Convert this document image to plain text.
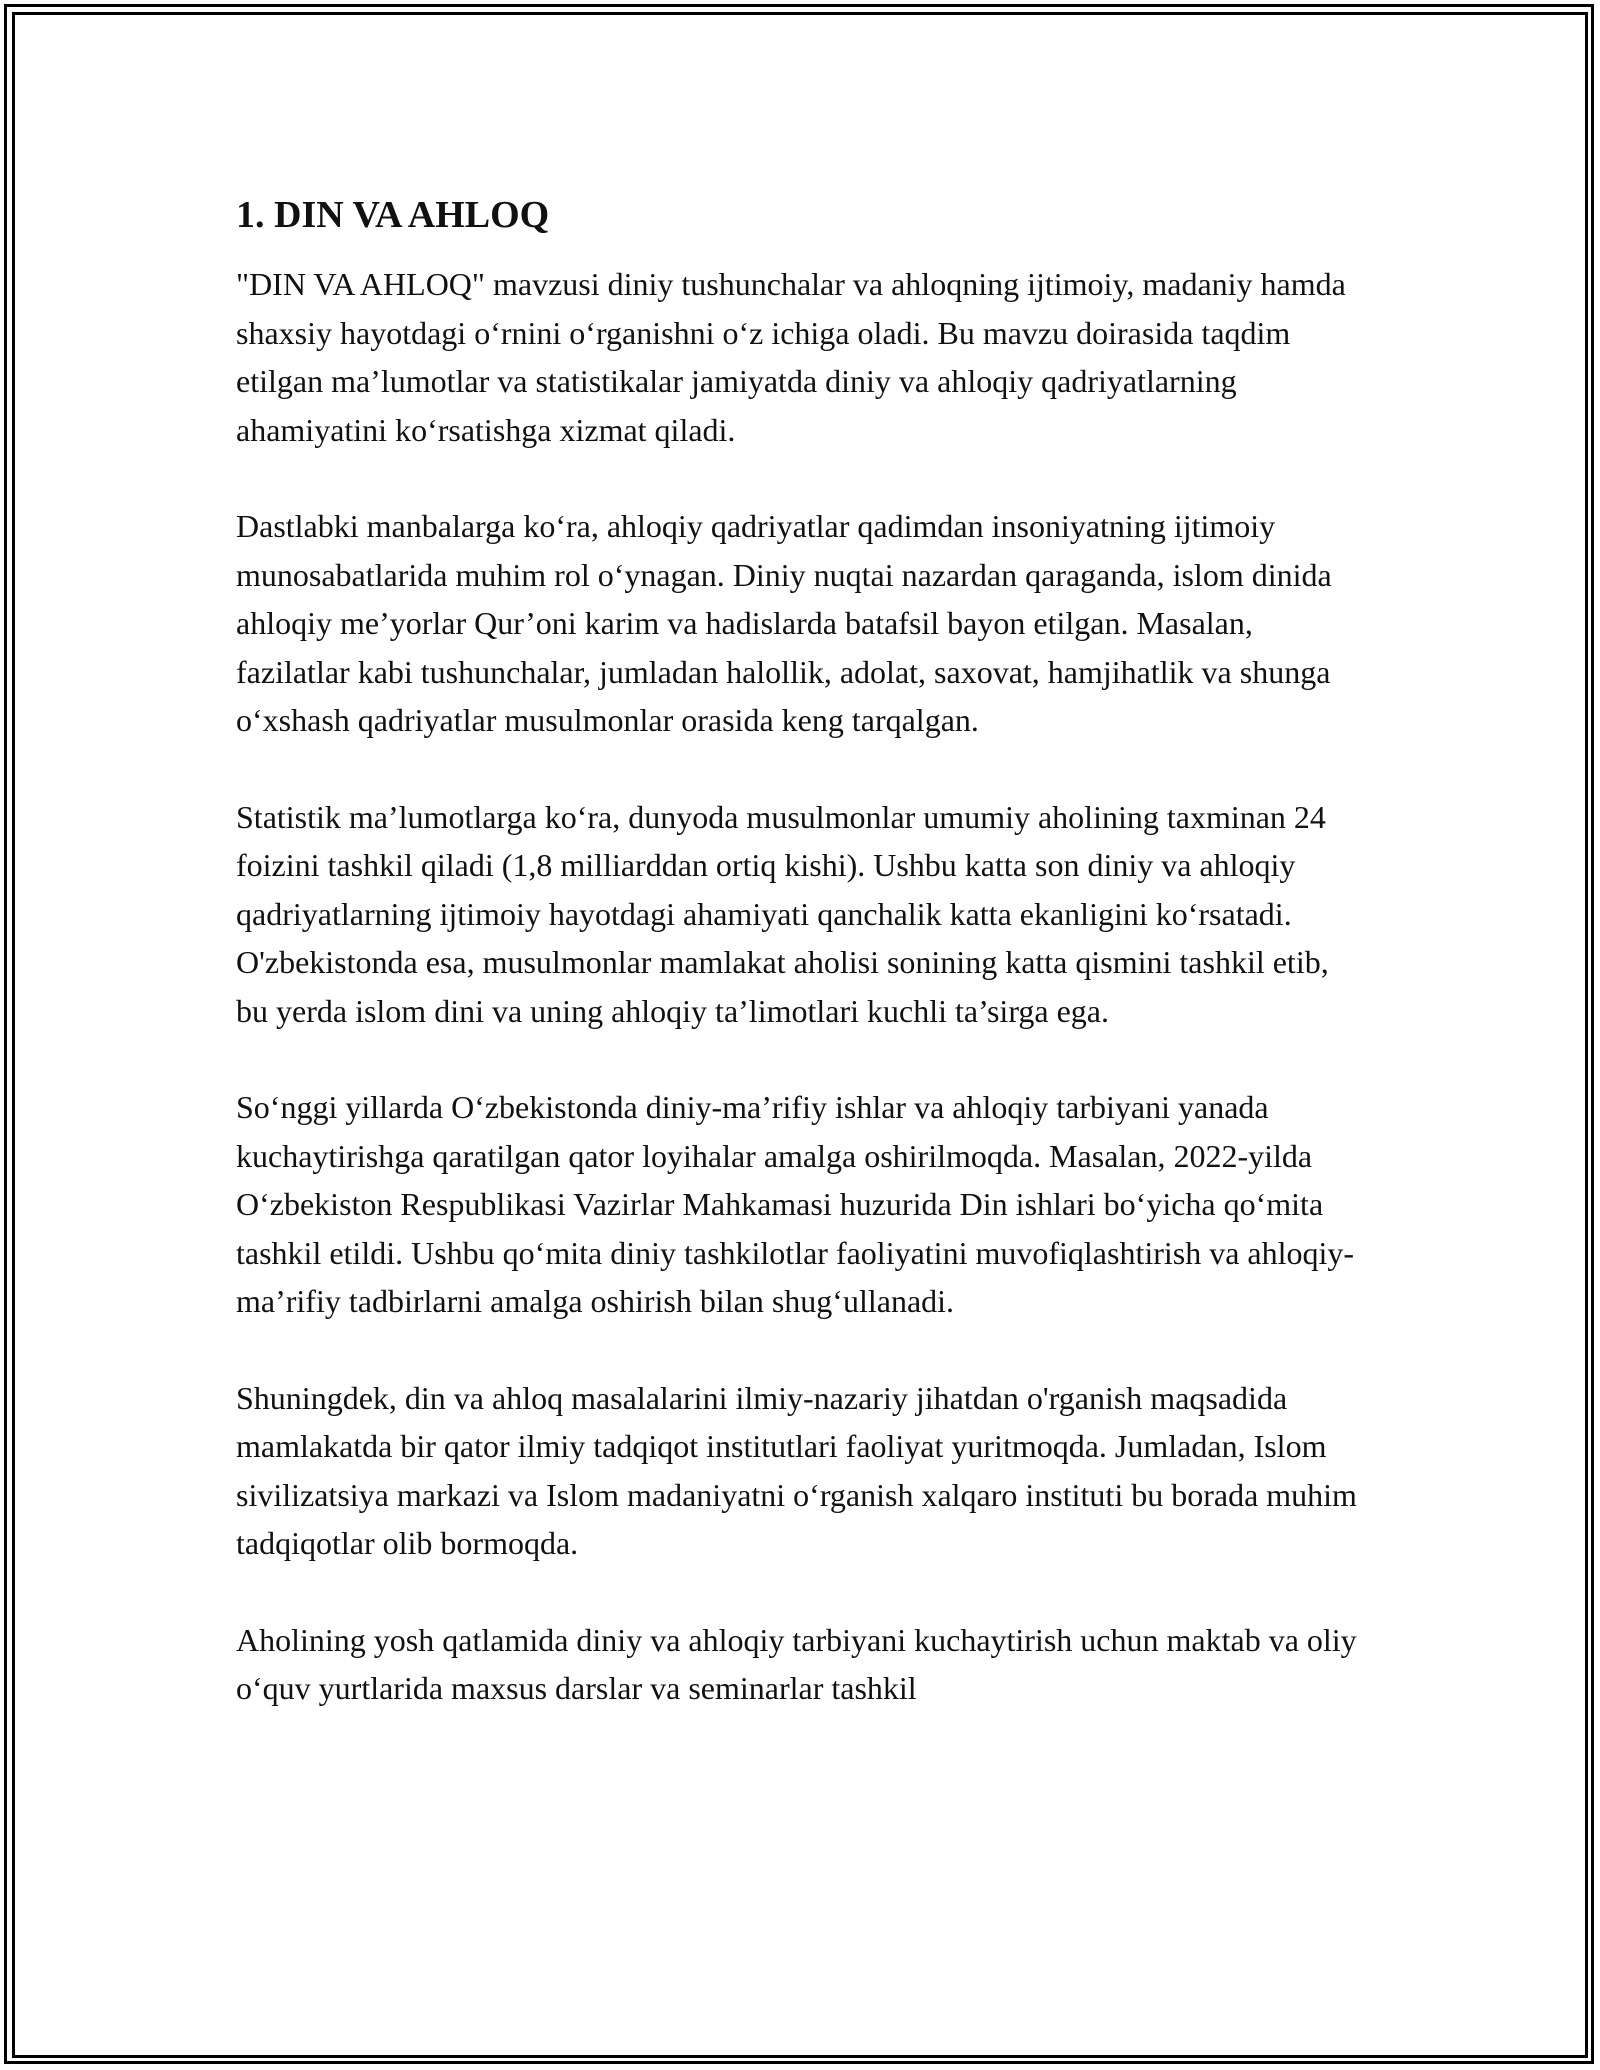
1. DIN VA AHLOQ

"DIN VA AHLOQ" mavzusi diniy tushunchalar va ahloqning ijtimoiy, madaniy hamda shaxsiy hayotdagi o‘rnini o‘rganishni o‘z ichiga oladi. Bu mavzu doirasida taqdim etilgan ma’lumotlar va statistikalar jamiyatda diniy va ahloqiy qadriyatlarning ahamiyatini ko‘rsatishga xizmat qiladi.

Dastlabki manbalarga ko‘ra, ahloqiy qadriyatlar qadimdan insoniyatning ijtimoiy munosabatlarida muhim rol o‘ynagan. Diniy nuqtai nazardan qaraganda, islom dinida ahloqiy me’yorlar Qur’oni karim va hadislarda batafsil bayon etilgan. Masalan, fazilatlar kabi tushunchalar, jumladan halollik, adolat, saxovat, hamjihatlik va shunga o‘xshash qadriyatlar musulmonlar orasida keng tarqalgan.

Statistik ma’lumotlarga ko‘ra, dunyoda musulmonlar umumiy aholining taxminan 24 foizini tashkil qiladi (1,8 milliarddan ortiq kishi). Ushbu katta son diniy va ahloqiy qadriyatlarning ijtimoiy hayotdagi ahamiyati qanchalik katta ekanligini ko‘rsatadi. O'zbekistonda esa, musulmonlar mamlakat aholisi sonining katta qismini tashkil etib, bu yerda islom dini va uning ahloqiy ta’limotlari kuchli ta’sirga ega.

So‘nggi yillarda O‘zbekistonda diniy-ma’rifiy ishlar va ahloqiy tarbiyani yanada kuchaytirishga qaratilgan qator loyihalar amalga oshirilmoqda. Masalan, 2022-yilda O‘zbekiston Respublikasi Vazirlar Mahkamasi huzurida Din ishlari bo‘yicha qo‘mita tashkil etildi. Ushbu qo‘mita diniy tashkilotlar faoliyatini muvofiqlashtirish va ahloqiy-ma’rifiy tadbirlarni amalga oshirish bilan shug‘ullanadi.

Shuningdek, din va ahloq masalalarini ilmiy-nazariy jihatdan o'rganish maqsadida mamlakatda bir qator ilmiy tadqiqot institutlari faoliyat yuritmoqda. Jumladan, Islom sivilizatsiya markazi va Islom madaniyatni o‘rganish xalqaro instituti bu borada muhim tadqiqotlar olib bormoqda.

Aholining yosh qatlamida diniy va ahloqiy tarbiyani kuchaytirish uchun maktab va oliy o‘quv yurtlarida maxsus darslar va seminarlar tashkil
